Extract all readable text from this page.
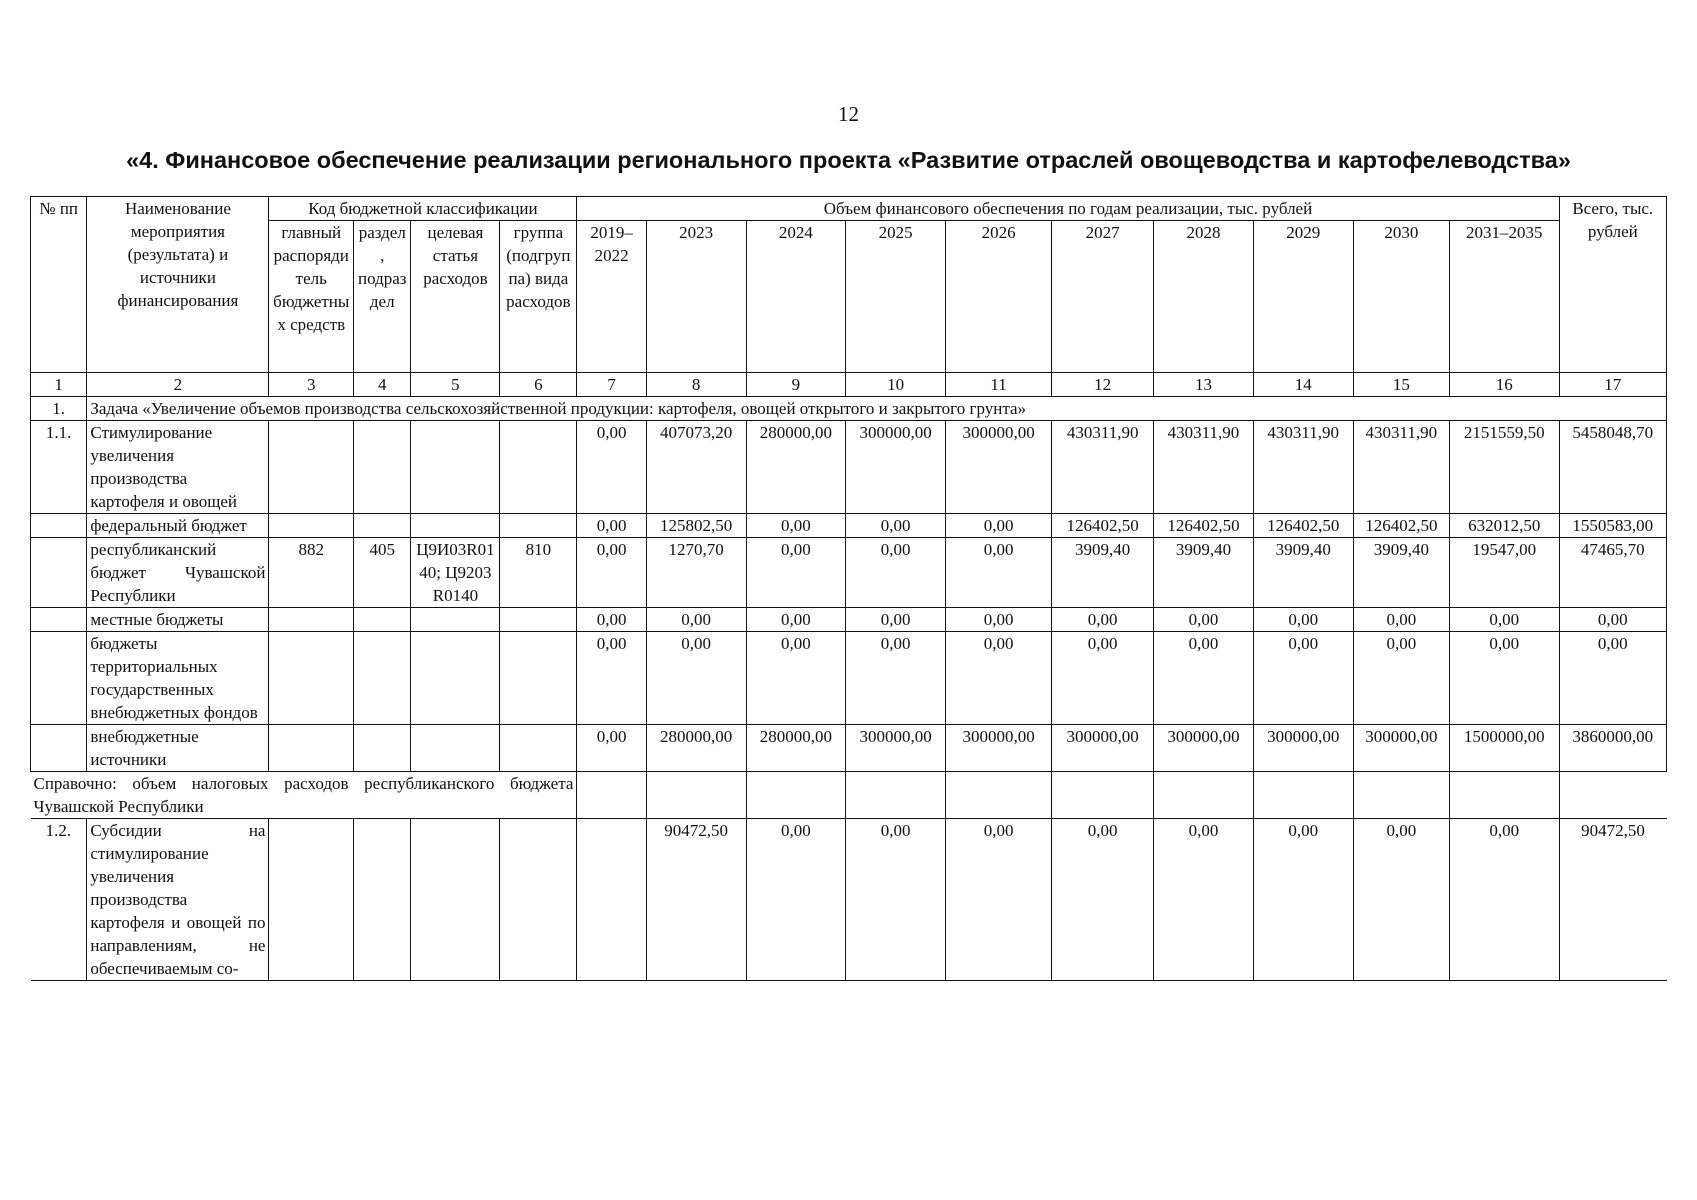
12
«4. Финансовое обеспечение реализации регионального проекта «Развитие отраслей овощеводства и картофелеводства»
№ пп	Наименование мероприятия (результата) и источники финансирования	Код бюджетной классификации				Объем финансового обеспечения по годам реализации, тыс. рублей										Всего, тыс. рублей
		главный распорядитель бюджетных средств	раздел, подраздел	целевая статья расходов	группа (подгруппа) вида расходов	2019–2022	2023	2024	2025	2026	2027	2028	2029	2030	2031–2035	
1	2	3	4	5	6	7	8	9	10	11	12	13	14	15	16	17
1.	Задача «Увеличение объемов производства сельскохозяйственной продукции: картофеля, овощей открытого и закрытого грунта»															
1.1.	Стимулирование увеличения производства картофеля и овощей					0,00	407073,20	280000,00	300000,00	300000,00	430311,90	430311,90	430311,90	430311,90	2151559,50	5458048,70
	федеральный бюджет					0,00	125802,50	0,00	0,00	0,00	126402,50	126402,50	126402,50	126402,50	632012,50	1550583,00
	республиканский бюджет Чувашской Республики	882	405	Ц9И03R0140; Ц9203R0140	810	0,00	1270,70	0,00	0,00	0,00	3909,40	3909,40	3909,40	3909,40	19547,00	47465,70
	местные бюджеты					0,00	0,00	0,00	0,00	0,00	0,00	0,00	0,00	0,00	0,00	0,00
	бюджеты территориальных государственных внебюджетных фондов					0,00	0,00	0,00	0,00	0,00	0,00	0,00	0,00	0,00	0,00	0,00
	внебюджетные источники					0,00	280000,00	280000,00	300000,00	300000,00	300000,00	300000,00	300000,00	300000,00	1500000,00	3860000,00
Справочно: объем налоговых расходов республиканского бюджета Чувашской Республики																
1.2.	Субсидии на стимулирование увеличения производства картофеля и овощей по направлениям, не обеспечиваемым со-						90472,50	0,00	0,00	0,00	0,00	0,00	0,00	0,00	0,00	90472,50
